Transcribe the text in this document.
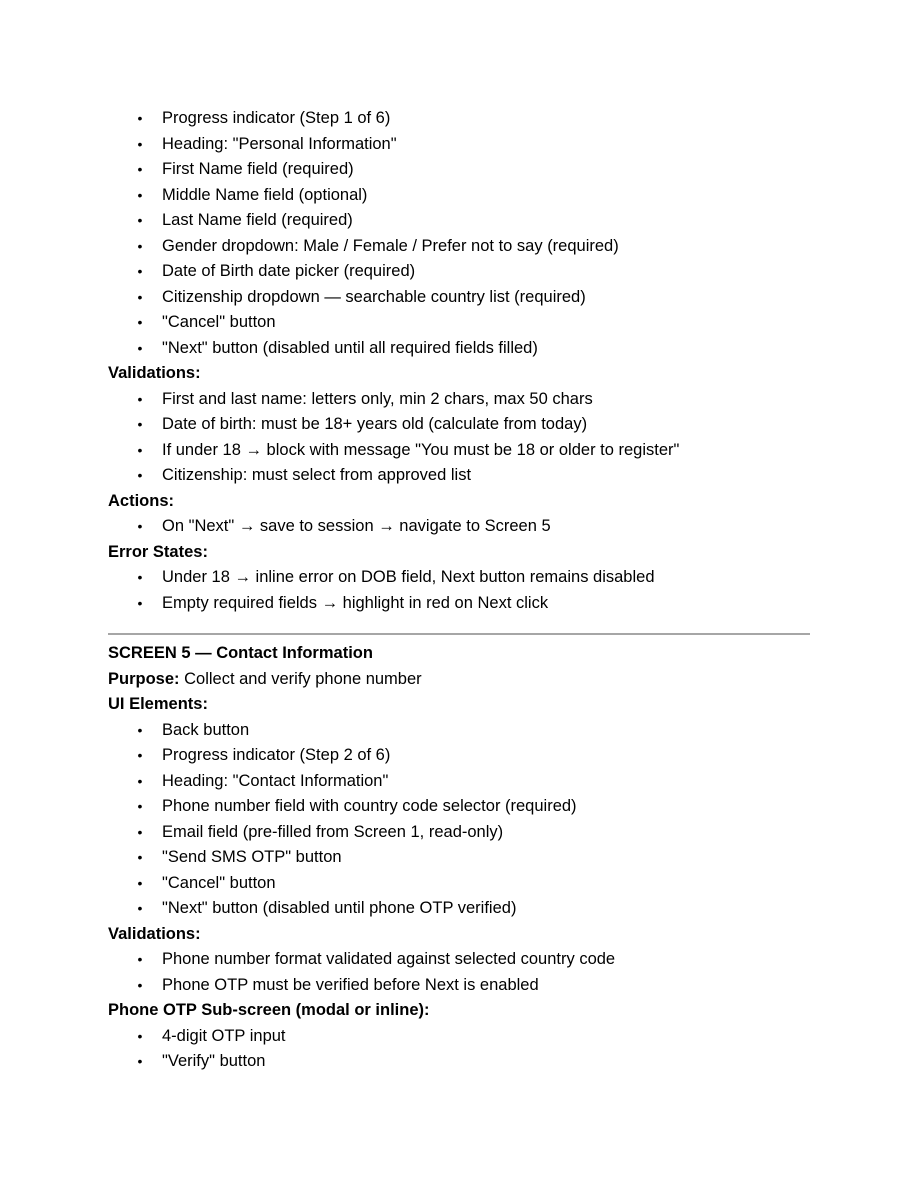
• Progress indicator (Step 1 of 6)
• Heading: "Personal Information"
• First Name field (required)
• Middle Name field (optional)
• Last Name field (required)
• Gender dropdown: Male / Female / Prefer not to say (required)
• Date of Birth date picker (required)
• Citizenship dropdown — searchable country list (required)
• "Cancel" button
• "Next" button (disabled until all required fields filled)
Validations:
• First and last name: letters only, min 2 chars, max 50 chars
• Date of birth: must be 18+ years old (calculate from today)
• If under 18 → block with message "You must be 18 or older to register"
• Citizenship: must select from approved list
Actions:
• On "Next" → save to session → navigate to Screen 5
Error States:
• Under 18 → inline error on DOB field, Next button remains disabled
• Empty required fields → highlight in red on Next click
SCREEN 5 — Contact Information
Purpose: Collect and verify phone number
UI Elements:
• Back button
• Progress indicator (Step 2 of 6)
• Heading: "Contact Information"
• Phone number field with country code selector (required)
• Email field (pre-filled from Screen 1, read-only)
• "Send SMS OTP" button
• "Cancel" button
• "Next" button (disabled until phone OTP verified)
Validations:
• Phone number format validated against selected country code
• Phone OTP must be verified before Next is enabled
Phone OTP Sub-screen (modal or inline):
• 4-digit OTP input
• "Verify" button
